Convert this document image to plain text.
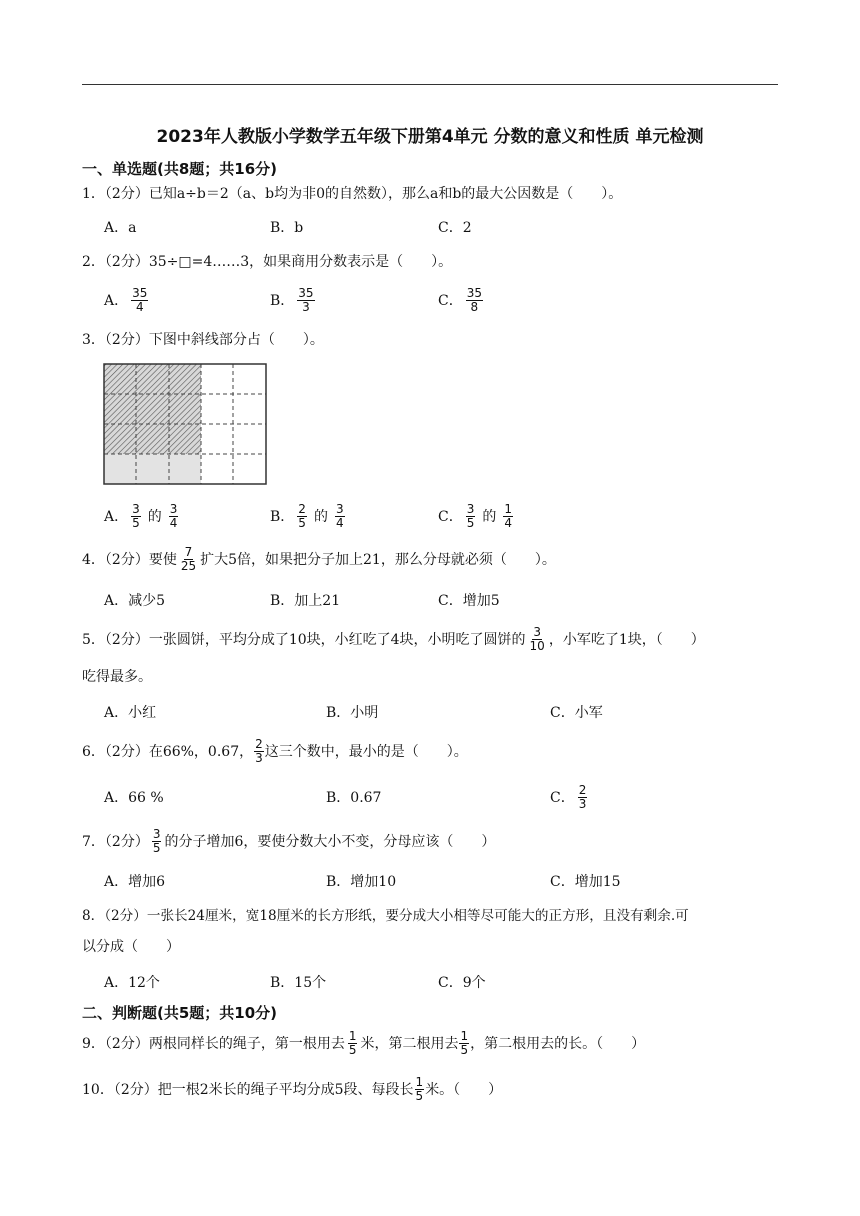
2023年人教版小学数学五年级下册第4单元 分数的意义和性质 单元检测
一、单选题(共8题；共16分)
1．（2分）已知a÷b＝2（a、b均为非0的自然数），那么a和b的最大公因数是（　　）。
A．a	B．b	C．2
2．（2分）35÷□=4……3，如果商用分数表示是（　　）。
A． $\frac{35}{4}$	B． $\frac{35}{3}$	C． $\frac{35}{8}$
3．（2分）下图中斜线部分占（　　）。
A． $\frac{3}{5}$ 的 $\frac{3}{4}$	B． $\frac{2}{5}$ 的 $\frac{3}{4}$	C． $\frac{3}{5}$ 的 $\frac{1}{4}$
4．（2分）要使 $\frac{7}{25}$ 扩大5倍，如果把分子加上21，那么分母就必须（　　）。
A．减少5	B．加上21	C．增加5
5．（2分）一张圆饼，平均分成了10块，小红吃了4块，小明吃了圆饼的 $\frac{3}{10}$ ，小军吃了1块，（　　）
吃得最多。
A．小红	B．小明	C．小军
6．（2分）在66%，0.67， $\frac{2}{3}$ 这三个数中，最小的是（　　）。
A．66 %	B．0.67	C． $\frac{2}{3}$
7．（2分） $\frac{3}{5}$ 的分子增加6，要使分数大小不变，分母应该（　　）
A．增加6	B．增加10	C．增加15
8．（2分）一张长24厘米，宽18厘米的长方形纸，要分成大小相等尽可能大的正方形，且没有剩余.可
以分成（　　）
A．12个	B．15个	C．9个
二、判断题(共5题；共10分)
9．（2分）两根同样长的绳子，第一根用去 $\frac{1}{5}$ 米，第二根用去 $\frac{1}{5}$ ，第二根用去的长。（　　）
10．（2分）把一根2米长的绳子平均分成5段、每段长 $\frac{1}{5}$ 米。（　　）
